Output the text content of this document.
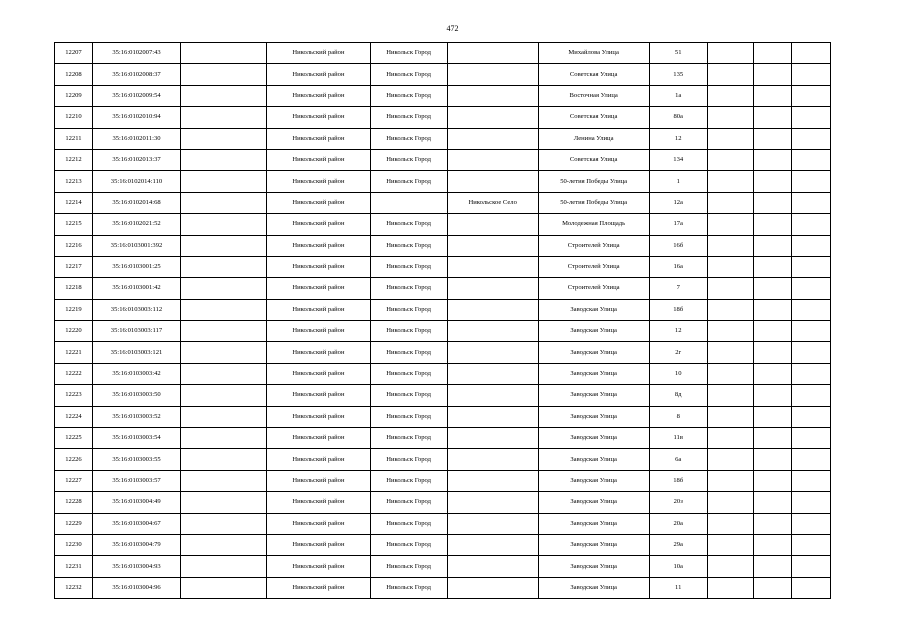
472
12207	35:16:0102007:43		Никольский район	Никольск Город		Михайлова Улица	51			
12208	35:16:0102008:37		Никольский район	Никольск Город		Советская Улица	135			
12209	35:16:0102009:54		Никольский район	Никольск Город		Восточная Улица	1а			
12210	35:16:0102010:94		Никольский район	Никольск Город		Советская Улица	80а			
12211	35:16:0102011:30		Никольский район	Никольск Город		Ленина Улица	12			
12212	35:16:0102013:37		Никольский район	Никольск Город		Советская Улица	134			
12213	35:16:0102014:110		Никольский район	Никольск Город		50-летия Победы Улица	1			
12214	35:16:0102014:68		Никольский район		Никольское Село	50-летия Победы Улица	12а			
12215	35:16:0102021:52		Никольский район	Никольск Город		Молодежная Площадь	17а			
12216	35:16:0103001:392		Никольский район	Никольск Город		Строителей Улица	16б			
12217	35:16:0103001:25		Никольский район	Никольск Город		Строителей Улица	16а			
12218	35:16:0103001:42		Никольский район	Никольск Город		Строителей Улица	7			
12219	35:16:0103003:112		Никольский район	Никольск Город		Заводская Улица	18б			
12220	35:16:0103003:117		Никольский район	Никольск Город		Заводская Улица	12			
12221	35:16:0103003:121		Никольский район	Никольск Город		Заводская Улица	2г			
12222	35:16:0103003:42		Никольский район	Никольск Город		Заводская Улица	10			
12223	35:16:0103003:50		Никольский район	Никольск Город		Заводская Улица	8д			
12224	35:16:0103003:52		Никольский район	Никольск Город		Заводская Улица	8			
12225	35:16:0103003:54		Никольский район	Никольск Город		Заводская Улица	11в			
12226	35:16:0103003:55		Никольский район	Никольск Город		Заводская Улица	6а			
12227	35:16:0103003:57		Никольский район	Никольск Город		Заводская Улица	18б			
12228	35:16:0103004:49		Никольский район	Никольск Город		Заводская Улица	20з			
12229	35:16:0103004:67		Никольский район	Никольск Город		Заводская Улица	20а			
12230	35:16:0103004:79		Никольский район	Никольск Город		Заводская Улица	29а			
12231	35:16:0103004:93		Никольский район	Никольск Город		Заводская Улица	10а			
12232	35:16:0103004:96		Никольский район	Никольск Город		Заводская Улица	11			
